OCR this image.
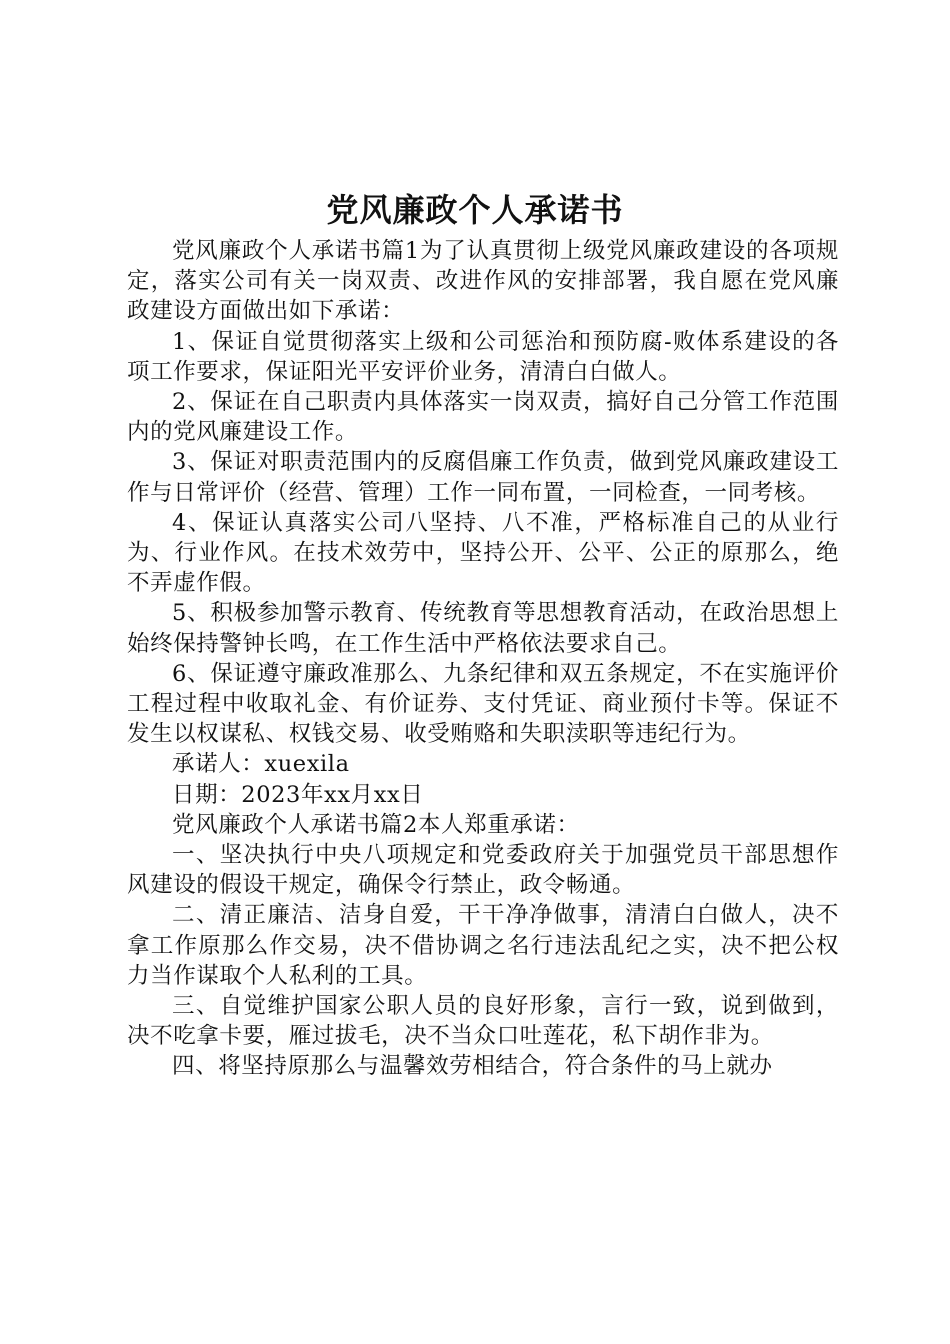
党风廉政个人承诺书

党风廉政个人承诺书篇1为了认真贯彻上级党风廉政建设的各项规定，落实公司有关一岗双责、改进作风的安排部署，我自愿在党风廉政建设方面做出如下承诺：

1、保证自觉贯彻落实上级和公司惩治和预防腐-败体系建设的各项工作要求，保证阳光平安评价业务，清清白白做人。

2、保证在自己职责内具体落实一岗双责，搞好自己分管工作范围内的党风廉建设工作。

3、保证对职责范围内的反腐倡廉工作负责，做到党风廉政建设工作与日常评价（经营、管理）工作一同布置，一同检查，一同考核。

4、保证认真落实公司八坚持、八不准，严格标准自己的从业行为、行业作风。在技术效劳中，坚持公开、公平、公正的原那么，绝不弄虚作假。

5、积极参加警示教育、传统教育等思想教育活动，在政治思想上始终保持警钟长鸣，在工作生活中严格依法要求自己。

6、保证遵守廉政准那么、九条纪律和双五条规定，不在实施评价工程过程中收取礼金、有价证券、支付凭证、商业预付卡等。保证不发生以权谋私、权钱交易、收受贿赂和失职渎职等违纪行为。

承诺人：xuexila

日期：2023年xx月xx日

党风廉政个人承诺书篇2本人郑重承诺：

一、坚决执行中央八项规定和党委政府关于加强党员干部思想作风建设的假设干规定，确保令行禁止，政令畅通。

二、清正廉洁、洁身自爱，干干净净做事，清清白白做人，决不拿工作原那么作交易，决不借协调之名行违法乱纪之实，决不把公权力当作谋取个人私利的工具。

三、自觉维护国家公职人员的良好形象，言行一致，说到做到，决不吃拿卡要，雁过拔毛，决不当众口吐莲花，私下胡作非为。

四、将坚持原那么与温馨效劳相结合，符合条件的马上就办
